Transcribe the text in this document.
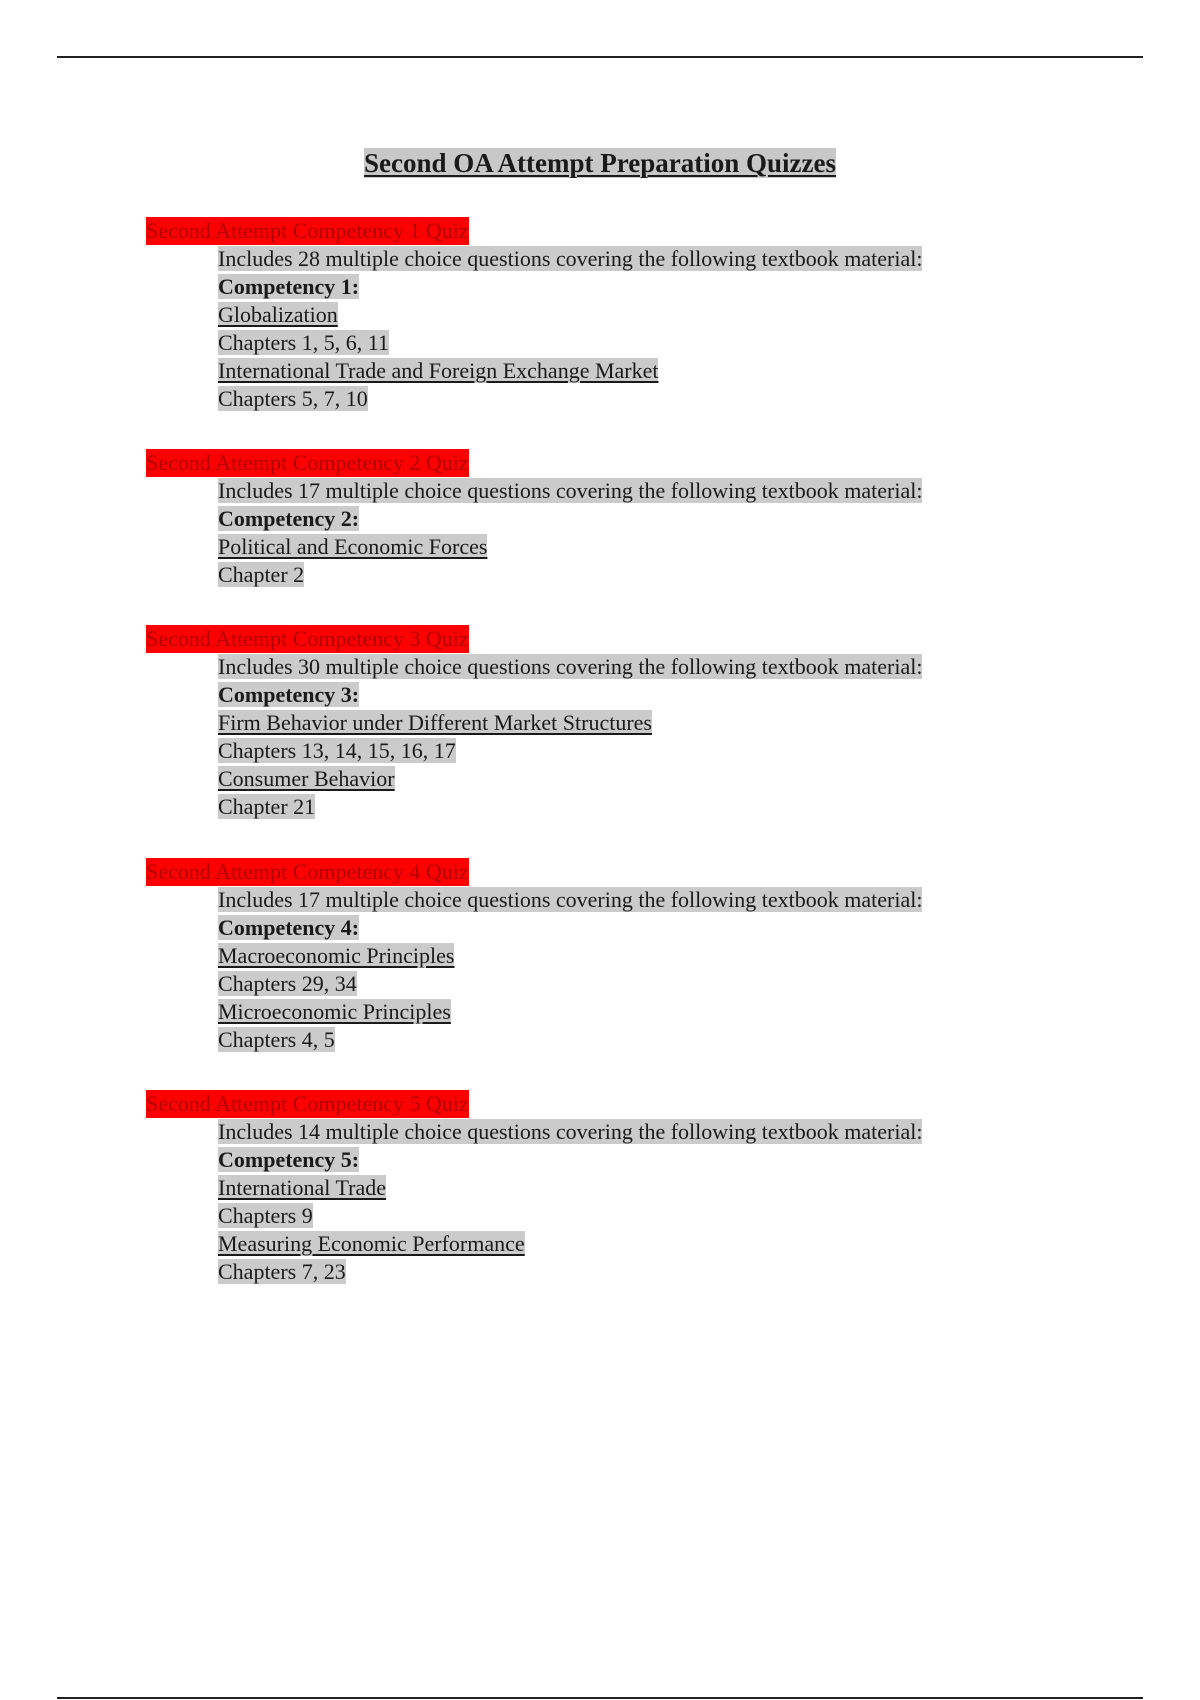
Second OA Attempt Preparation Quizzes
Second Attempt Competency 1 Quiz
Includes 28 multiple choice questions covering the following textbook material:
Competency 1:
Globalization
Chapters 1, 5, 6, 11
International Trade and Foreign Exchange Market
Chapters 5, 7, 10
Second Attempt Competency 2 Quiz
Includes 17 multiple choice questions covering the following textbook material:
Competency 2:
Political and Economic Forces
Chapter 2
Second Attempt Competency 3 Quiz
Includes 30 multiple choice questions covering the following textbook material:
Competency 3:
Firm Behavior under Different Market Structures
Chapters 13, 14, 15, 16, 17
Consumer Behavior
Chapter 21
Second Attempt Competency 4 Quiz
Includes 17 multiple choice questions covering the following textbook material:
Competency 4:
Macroeconomic Principles
Chapters 29, 34
Microeconomic Principles
Chapters 4, 5
Second Attempt Competency 5 Quiz
Includes 14 multiple choice questions covering the following textbook material:
Competency 5:
International Trade
Chapters 9
Measuring Economic Performance
Chapters 7, 23
